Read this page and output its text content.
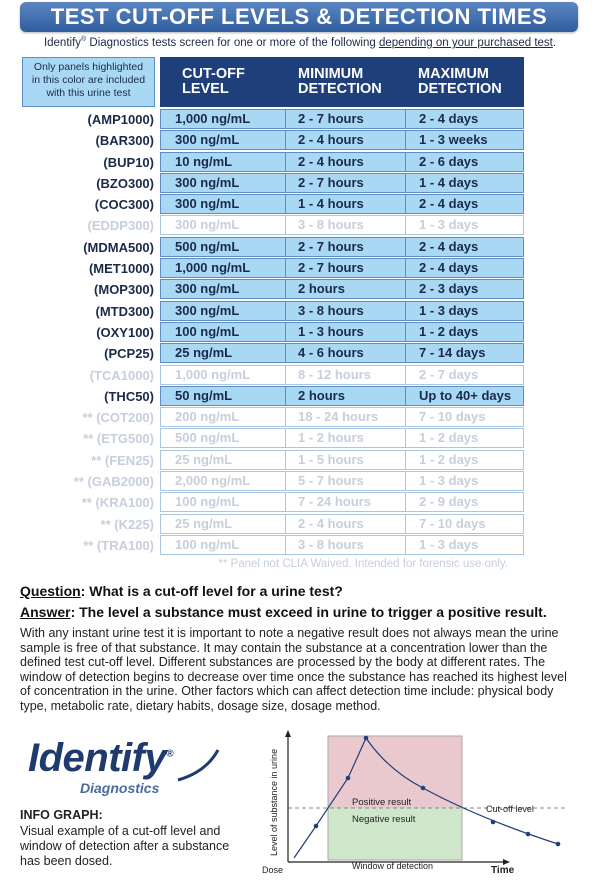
TEST CUT-OFF LEVELS & DETECTION TIMES
Identify® Diagnostics tests screen for one or more of the following depending on your purchased test.
Only panels highlighted
in this color are included
with this urine test
CUT-OFF
LEVEL
MINIMUM
DETECTION
MAXIMUM
DETECTION
(AMP1000) 1,000 ng/mL	2 - 7 hours	2 - 4 days
(BAR300) 300 ng/mL	2 - 4 hours	1 - 3 weeks
(BUP10) 10 ng/mL	2 - 4 hours	2 - 6 days
(BZO300) 300 ng/mL	2 - 7 hours	1 - 4 days
(COC300) 300 ng/mL	1 - 4 hours	2 - 4 days
(EDDP300) 300 ng/mL	3 - 8 hours	1 - 3 days
(MDMA500) 500 ng/mL	2 - 7 hours	2 - 4 days
(MET1000) 1,000 ng/mL	2 - 7 hours	2 - 4 days
(MOP300) 300 ng/mL	2 hours	2 - 3 days
(MTD300) 300 ng/mL	3 - 8 hours	1 - 3 days
(OXY100) 100 ng/mL	1 - 3 hours	1 - 2 days
(PCP25) 25 ng/mL	4 - 6 hours	7 - 14 days
(TCA1000) 1,000 ng/mL	8 - 12 hours	2 - 7 days
(THC50) 50 ng/mL	2 hours	Up to 40+ days
** (COT200) 200 ng/mL	18 - 24 hours	7 - 10 days
** (ETG500) 500 ng/mL	1 - 2 hours	1 - 2 days
** (FEN25) 25 ng/mL	1 - 5 hours	1 - 2 days
** (GAB2000) 2,000 ng/mL	5 - 7 hours	1 - 3 days
** (KRA100) 100 ng/mL	7 - 24 hours	2 - 9 days
** (K225) 25 ng/mL	2 - 4 hours	7 - 10 days
** (TRA100) 100 ng/mL	3 - 8 hours	1 - 3 days
** Panel not CLIA Waived. Intended for forensic use only.
Question: What is a cut-off level for a urine test?
Answer: The level a substance must exceed in urine to trigger a positive result.
With any instant urine test it is important to note a negative result does not always mean the urine sample is free of that substance. It may contain the substance at a concentration lower than the defined test cut-off level. Different substances are processed by the body at different rates. The window of detection begins to decrease over time once the substance has reached its highest level of concentration in the urine. Other factors which can affect detection time include: physical body type, metabolic rate, dietary habits, dosage size, dosage method.
Identify®
Diagnostics
INFO GRAPH:
Visual example of a cut-off level and window of detection after a substance has been dosed.
Level of substance in urine
Dose	Time
Positive result
Negative result
Cut-off level
Window of detection
